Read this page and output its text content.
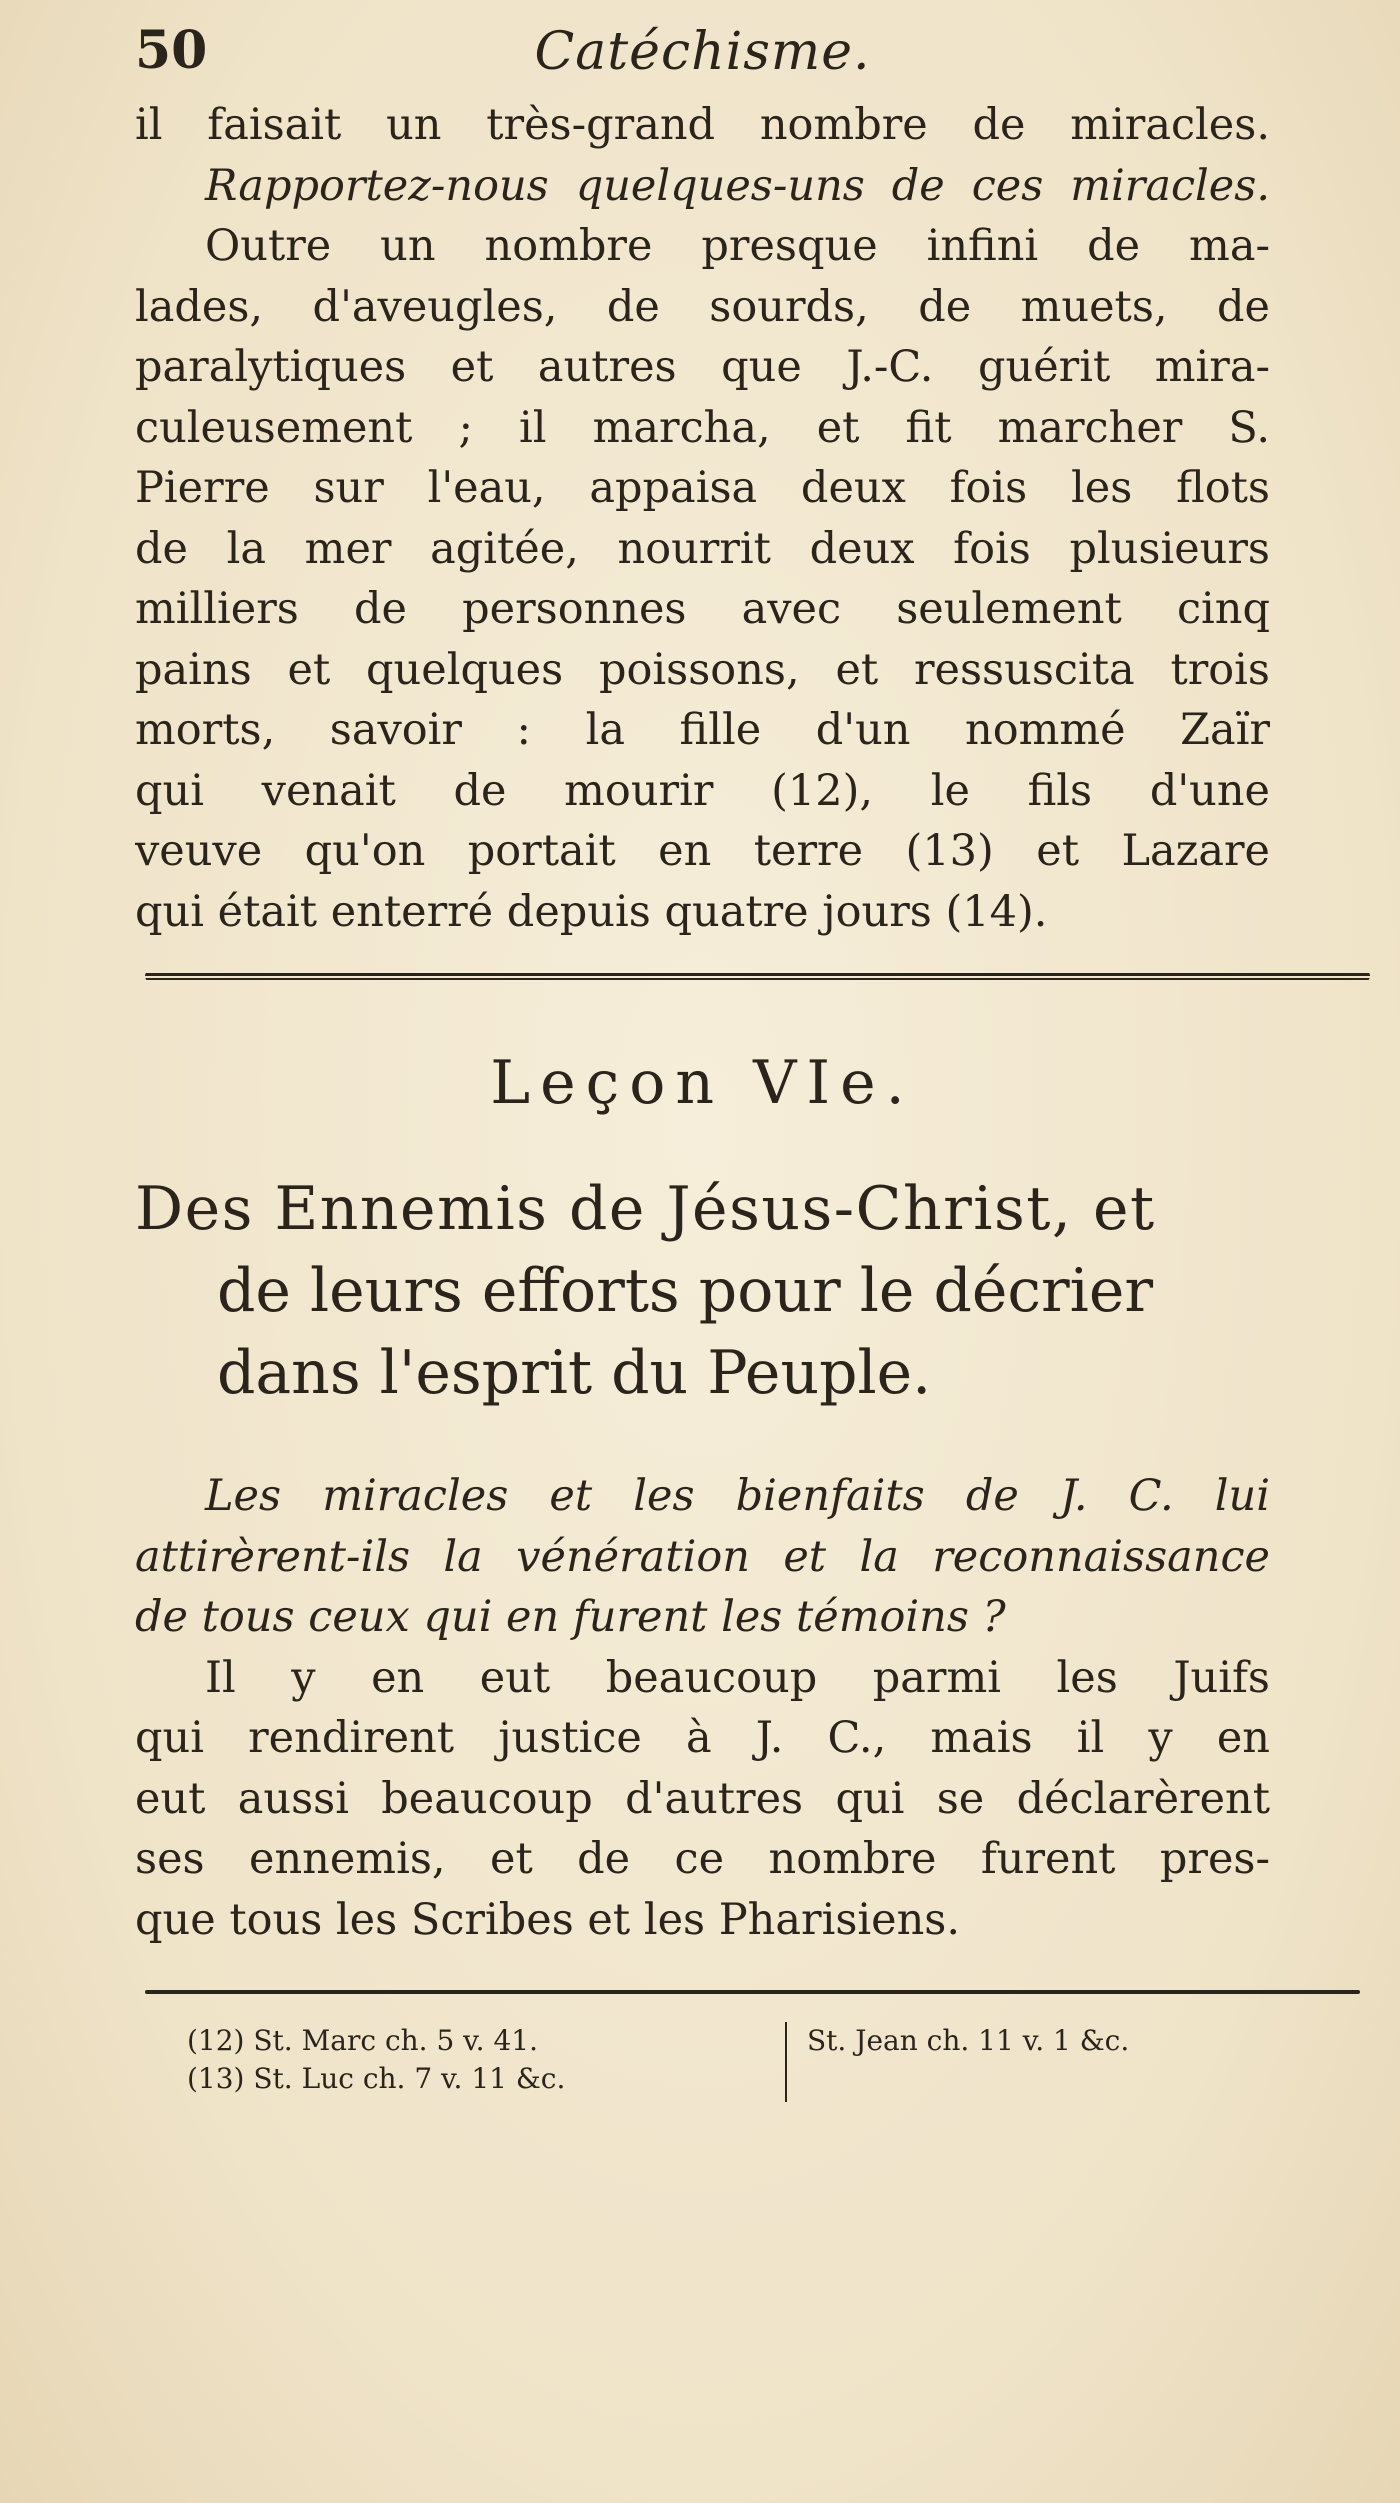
50	Catéchisme.
il faisait un très-grand nombre de miracles.
Rapportez-nous quelques-uns de ces miracles.
Outre un nombre presque infini de ma-
lades, d'aveugles, de sourds, de muets, de
paralytiques et autres que J.-C. guérit mira-
culeusement ; il marcha, et fit marcher S.
Pierre sur l'eau, appaisa deux fois les flots
de la mer agitée, nourrit deux fois plusieurs
milliers de personnes avec seulement cinq
pains et quelques poissons, et ressuscita trois
morts, savoir : la fille d'un nommé Zaïr
qui venait de mourir (12), le fils d'une
veuve qu'on portait en terre (13) et Lazare
qui était enterré depuis quatre jours (14).
Leçon VIe.
Des Ennemis de Jésus-Christ, et
de leurs efforts pour le décrier
dans l'esprit du Peuple.
Les miracles et les bienfaits de J. C. lui
attirèrent-ils la vénération et la reconnaissance
de tous ceux qui en furent les témoins ?
Il y en eut beaucoup parmi les Juifs
qui rendirent justice à J. C., mais il y en
eut aussi beaucoup d'autres qui se déclarèrent
ses ennemis, et de ce nombre furent pres-
que tous les Scribes et les Pharisiens.
(12) St. Marc ch. 5 v. 41.
(13) St. Luc ch. 7 v. 11 &c.
St. Jean ch. 11 v. 1 &c.
